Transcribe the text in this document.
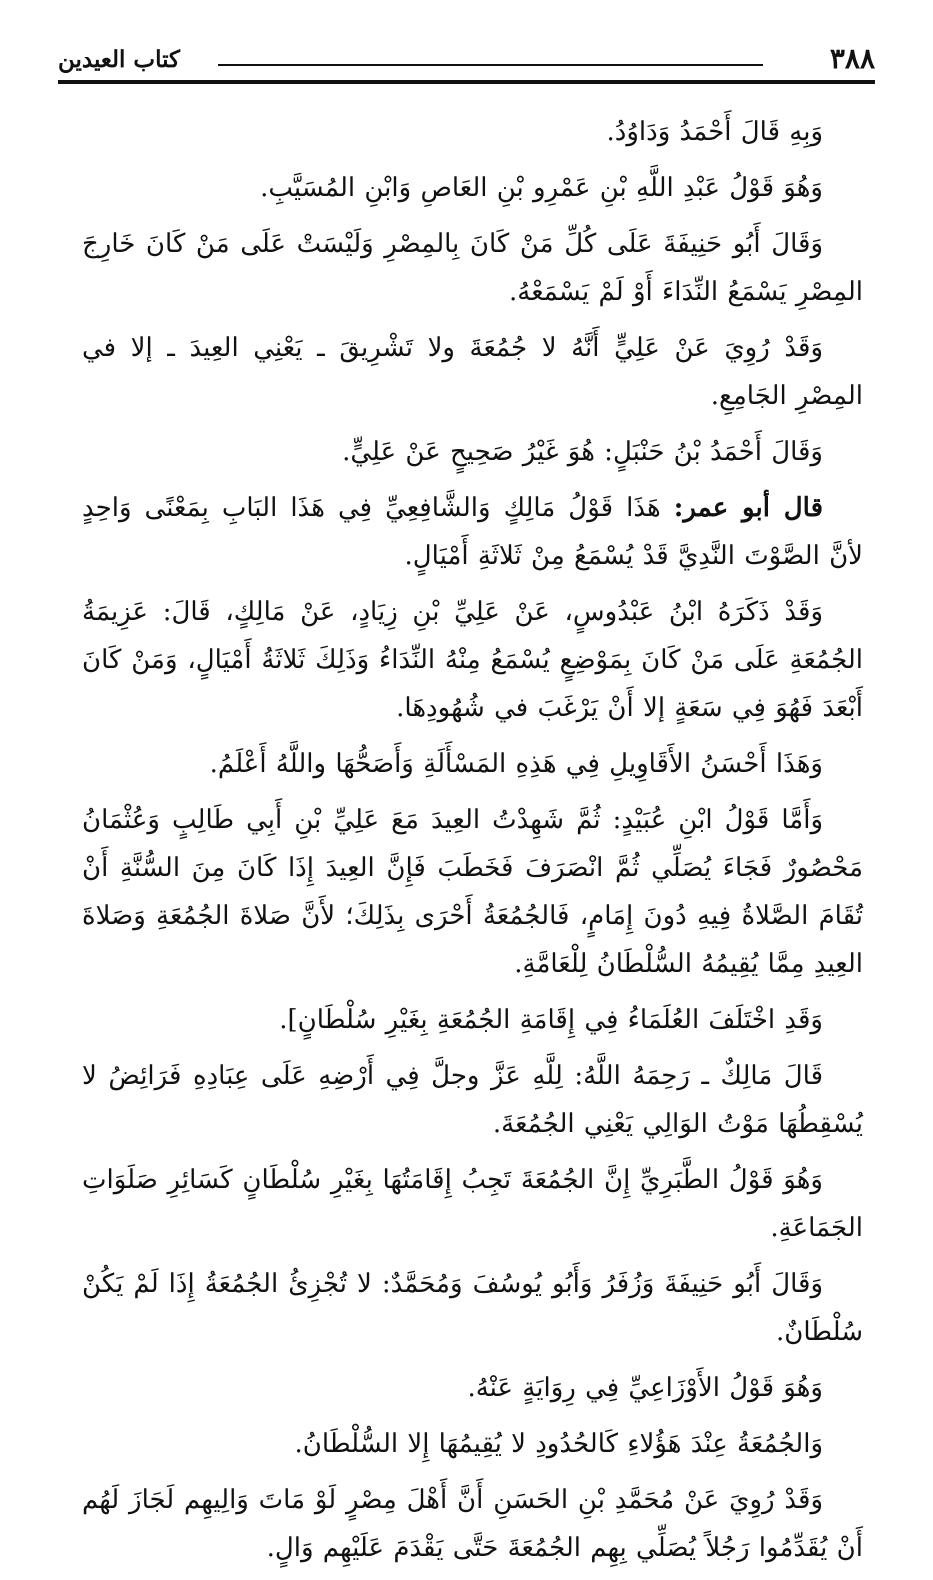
٣٨٨
كتاب العيدين

وَبِهِ قَالَ أَحْمَدُ وَدَاوُدُ.

وَهُوَ قَوْلُ عَبْدِ اللَّهِ بْنِ عَمْرِو بْنِ العَاصِ وَابْنِ المُسَيَّبِ.

وَقَالَ أَبُو حَنِيفَةَ عَلَى كُلِّ مَنْ كَانَ بِالمِصْرِ وَلَيْسَتْ عَلَى مَنْ كَانَ خَارِجَ المِصْرِ يَسْمَعُ النِّدَاءَ أَوْ لَمْ يَسْمَعْهُ.

وَقَدْ رُوِيَ عَنْ عَلِيٍّ أَنَّهُ لا جُمُعَةَ ولا تَشْرِيقَ ـ يَعْنِي العِيدَ ـ إلا في المِصْرِ الجَامِعِ.

وَقَالَ أَحْمَدُ بْنُ حَنْبَلٍ: هُوَ غَيْرُ صَحِيحٍ عَنْ عَلِيٍّ.

قال أبو عمر: هَذَا قَوْلُ مَالِكٍ وَالشَّافِعِيِّ فِي هَذَا البَابِ بِمَعْنًى وَاحِدٍ لأنَّ الصَّوْتَ النَّدِيَّ قَدْ يُسْمَعُ مِنْ ثَلاثَةِ أَمْيَالٍ.

وَقَدْ ذَكَرَهُ ابْنُ عَبْدُوسٍ، عَنْ عَلِيِّ بْنِ زِيَادٍ، عَنْ مَالِكٍ، قَالَ: عَزِيمَةُ الجُمُعَةِ عَلَى مَنْ كَانَ بِمَوْضِعٍ يُسْمَعُ مِنْهُ النِّدَاءُ وَذَلِكَ ثَلاثَةُ أَمْيَالٍ، وَمَنْ كَانَ أَبْعَدَ فَهُوَ فِي سَعَةٍ إلا أَنْ يَرْغَبَ في شُهُودِهَا.

وَهَذَا أَحْسَنُ الأَقَاوِيلِ فِي هَذِهِ المَسْأَلَةِ وَأَصَحُّهَا واللَّهُ أَعْلَمُ.

وَأَمَّا قَوْلُ ابْنِ عُبَيْدٍ: ثُمَّ شَهِدْتُ العِيدَ مَعَ عَلِيِّ بْنِ أَبِي طَالِبٍ وَعُثْمَانُ مَحْصُورٌ فَجَاءَ يُصَلِّي ثُمَّ انْصَرَفَ فَخَطَبَ فَإِنَّ العِيدَ إِذَا كَانَ مِنَ السُّنَّةِ أَنْ تُقَامَ الصَّلاةُ فِيهِ دُونَ إِمَامٍ، فَالجُمُعَةُ أَحْرَى بِذَلِكَ؛ لأَنَّ صَلاةَ الجُمُعَةِ وَصَلاةَ العِيدِ مِمَّا يُقِيمُهُ السُّلْطَانُ لِلْعَامَّةِ.

وَقَدِ اخْتَلَفَ العُلَمَاءُ فِي إِقَامَةِ الجُمُعَةِ بِغَيْرِ سُلْطَانٍ].

قَالَ مَالِكٌ ـ رَحِمَهُ اللَّهُ: لِلَّهِ عَزَّ وجلَّ فِي أَرْضِهِ عَلَى عِبَادِهِ فَرَائِضُ لا يُسْقِطُهَا مَوْتُ الوَالِي يَعْنِي الجُمُعَةَ.

وَهُوَ قَوْلُ الطَّبَرِيِّ إِنَّ الجُمُعَةَ تَجِبُ إِقَامَتُهَا بِغَيْرِ سُلْطَانٍ كَسَائِرِ صَلَوَاتِ الجَمَاعَةِ.

وَقَالَ أَبُو حَنِيفَةَ وَزُفَرُ وَأَبُو يُوسُفَ وَمُحَمَّدٌ: لا تُجْزِئُ الجُمُعَةُ إِذَا لَمْ يَكُنْ سُلْطَانٌ.

وَهُوَ قَوْلُ الأَوْزَاعِيِّ فِي رِوَايَةٍ عَنْهُ.

وَالجُمُعَةُ عِنْدَ هَؤُلاءِ كَالحُدُودِ لا يُقِيمُهَا إِلا السُّلْطَانُ.

وَقَدْ رُوِيَ عَنْ مُحَمَّدِ بْنِ الحَسَنِ أَنَّ أَهْلَ مِصْرٍ لَوْ مَاتَ وَالِيهِم لَجَازَ لَهُم أَنْ يُقَدِّمُوا رَجُلاً يُصَلِّي بِهِم الجُمُعَةَ حَتَّى يَقْدَمَ عَلَيْهِم وَالٍ.
